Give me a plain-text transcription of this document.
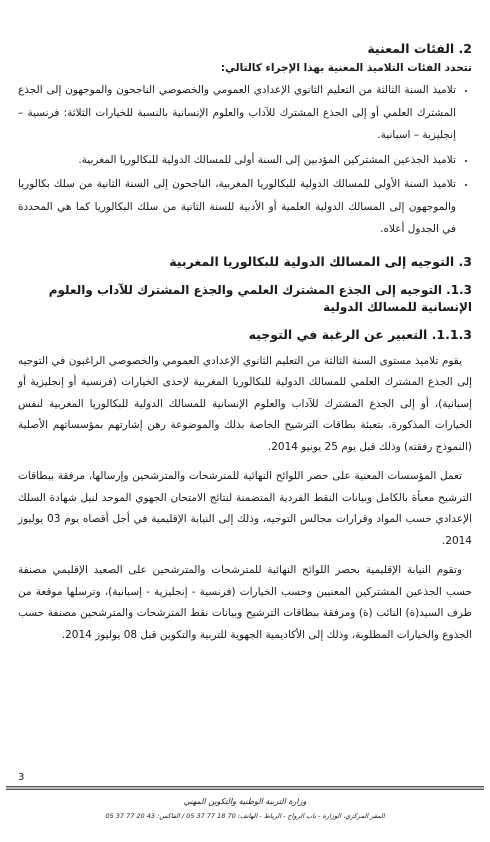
2. الفئات المعنية
تتحدد الفئات التلاميذ المعنية بهذا الإجراء كالتالي:
• تلاميذ السنة الثالثة من التعليم الثانوي الإعدادي العمومي والخصوصي الناجحون والموجهون إلى الجذع المشترك العلمي أو إلى الجذع المشترك للآداب والعلوم الإنسانية بالنسبة للخيارات الثلاثة: فرنسية – إنجليزية – اسبانية.
• تلاميذ الجذعين المشتركين المؤدبين إلى السنة أولى للمسالك الدولية للبكالوريا المغربية.
• تلاميذ السنة الأولى للمسالك الدولية للبكالوريا المغربية، الناجحون إلى السنة الثانية من سلك بكالوريا والموجهون إلى المسالك الدولية العلمية أو الأدبية للسنة الثانية من سلك البكالوريا كما هي المحددة في الجدول أعلاه.
3. التوجيه إلى المسالك الدولية للبكالوريا المغربية
1.3. التوجيه إلى الجذع المشترك العلمي والجذع المشترك للآداب والعلوم الإنسانية للمسالك الدولية
1.1.3. التعبير عن الرغبة في التوجيه

يقوم تلاميذ مستوى السنة الثالثة من التعليم الثانوي الإعدادي العمومي والخصوصي الراغبون في التوجيه إلى الجذع المشترك العلمي للمسالك الدولية للبكالوريا المغربية لإحدى الخيارات (فرنسية أو إنجليزية أو إسبانية)، أو إلى الجذع المشترك للآداب والعلوم الإنسانية للمسالك الدولية للبكالوريا المغربية لنفس الخيارات المذكورة، بتعبئة بطاقات الترشيح الخاصة بذلك والموضوعة رهن إشارتهم بمؤسساتهم الأصلية (النموذج رفقته) وذلك قبل يوم 25 يونيو 2014.

تعمل المؤسسات المعنية على حصر اللوائح النهائية للمترشحات والمترشحين وإرسالها، مرفقة ببطاقات الترشيح معبأة بالكامل وبيانات النقط الفردية المتضمنة لنتائج الامتحان الجهوي الموحد لنيل شهادة السلك الإعدادي حسب المواد وقرارات مجالس التوجيه، وذلك إلى النيابة الإقليمية في أجل أقصاه يوم 03 يوليوز 2014.

وتقوم النيابة الإقليمية بحصر اللوائح النهائية للمترشحات والمترشحين على الصعيد الإقليمي مصنفة حسب الجذعين المشتركين المعنيين وحسب الخيارات (فرنسية - إنجليزية - إسبانية)، وترسلها موقعة من طرف السيد(ة) النائب (ة) ومرفقة ببطاقات الترشيح وبيانات نقط المترشحات والمترشحين مصنفة حسب الجذوع والخيارات المطلوبة، وذلك إلى الأكاديمية الجهوية للتربية والتكوين قبل 08 يوليوز 2014.

3
وزارة التربية الوطنية والتكوين المهني
المقر المركزي، الوزارة - باب الرواح - الرباط - الهاتف: 70 18 77 37 05 / الفاكس: 43 20 77 37 05
